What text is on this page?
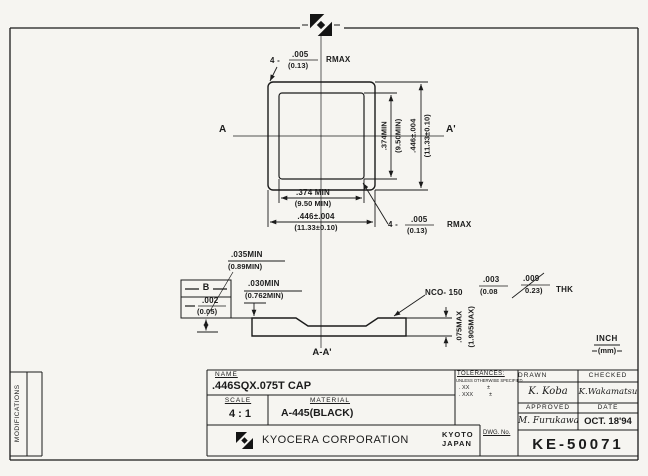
4 -
.005
(0.13)
RMAX
A	A'
.374MIN (9.50MIN) .446±.004 (11.33±0.10)
.374 MIN
(9.50 MIN)
.446±.004
(11.33±0.10)	4 -
.005
(0.13)
RMAX
.035MIN
(0.89MIN)
.030MIN
(0.762MIN)
B
.002
(0.05)
NCO- 150
.003	.009
(0.08	0.23) THK
.075MAX (1.905MAX)
A-A'
INCH
(mm)
MODIFICATIONS
NAME
.446SQX.075T CAP
SCALE
4 : 1
MATERIAL
A-445(BLACK)
TOLERANCES:
UNLESS OTHERWISE SPECIFIED
. XX	±
. XXX	±
DRAWN	CHECKED
K. Koba	K.Wakamatsu
APPROVED	DATE
M. Furukawa OCT. 18'94
KYOCERA CORPORATION	KYOTO
JAPAN
DWG. No.
KE-50071
